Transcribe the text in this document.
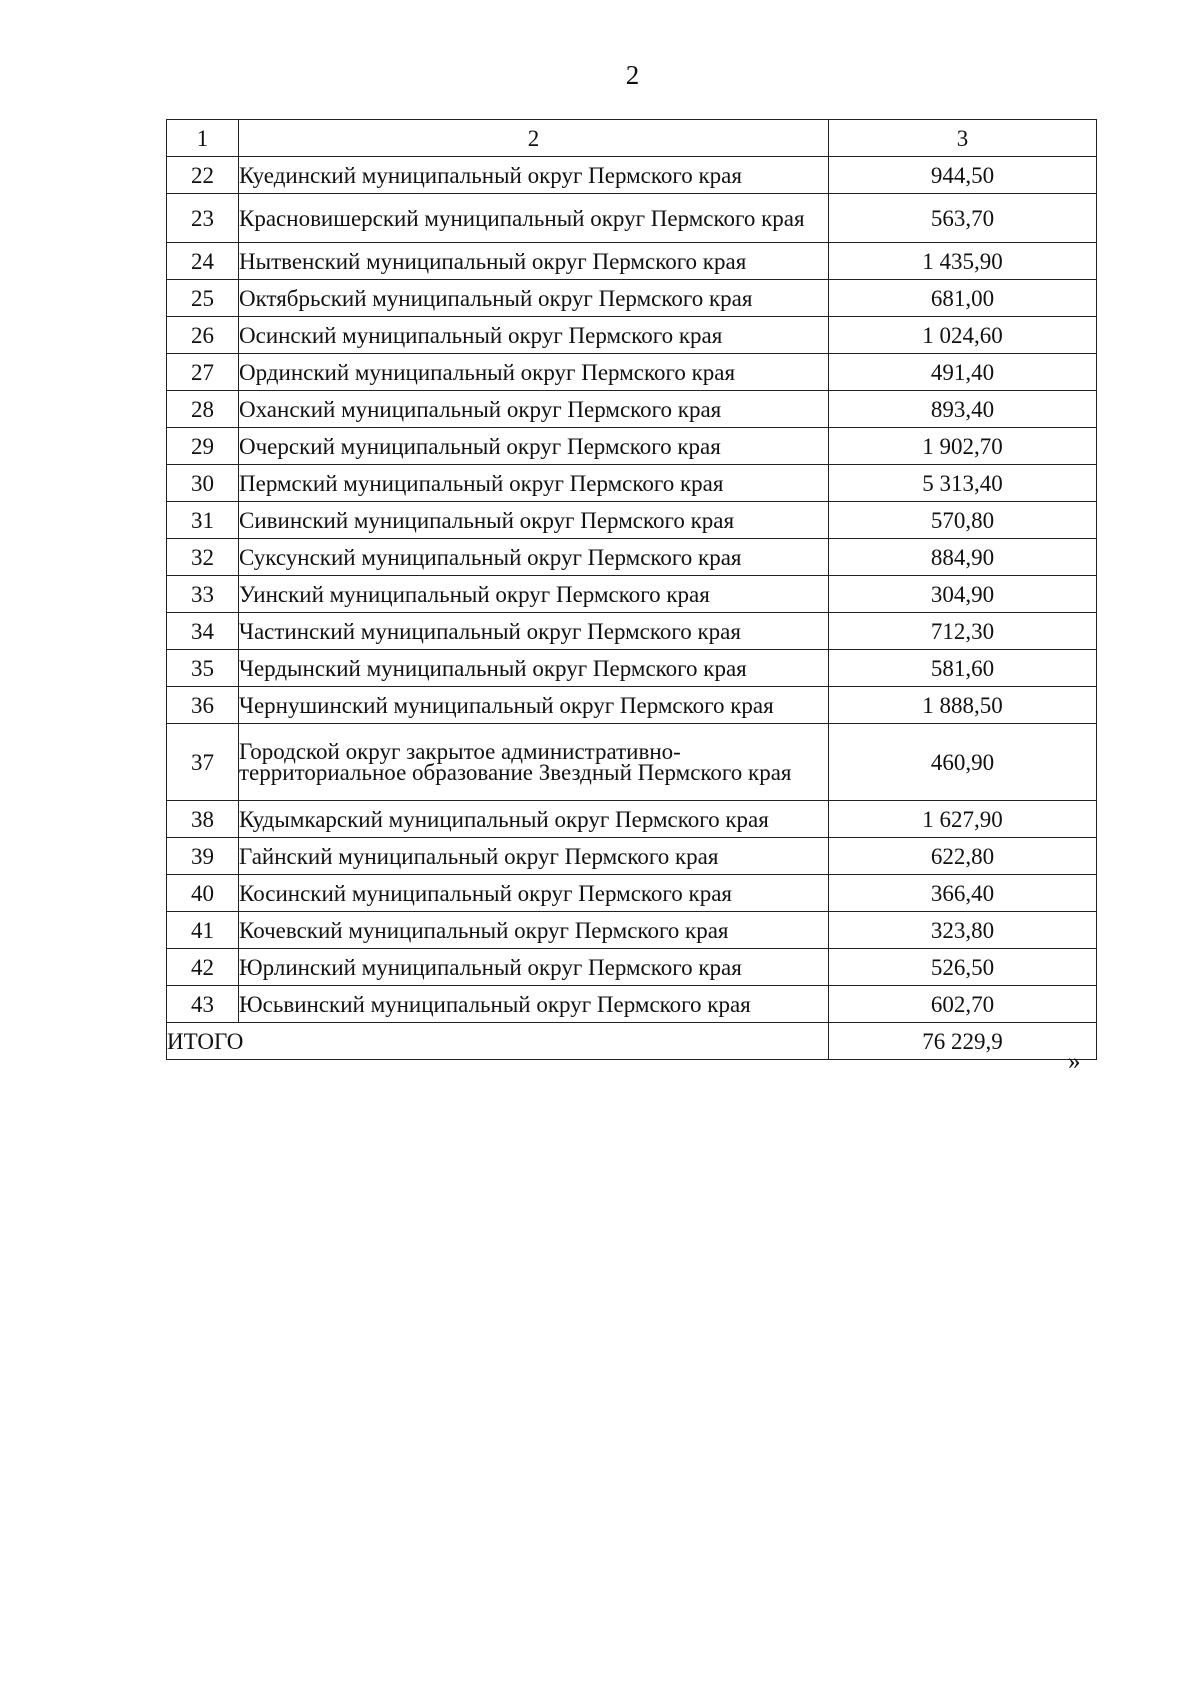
2
1	2	3
22	Куединский муниципальный округ Пермского края	944,50
23	Красновишерский муниципальный округ Пермского края	563,70
24	Нытвенский муниципальный округ Пермского края	1 435,90
25	Октябрьский муниципальный округ Пермского края	681,00
26	Осинский муниципальный округ Пермского края	1 024,60
27	Ординский муниципальный округ Пермского края	491,40
28	Оханский муниципальный округ Пермского края	893,40
29	Очерский муниципальный округ Пермского края	1 902,70
30	Пермский муниципальный округ Пермского края	5 313,40
31	Сивинский муниципальный округ Пермского края	570,80
32	Суксунский муниципальный округ Пермского края	884,90
33	Уинский муниципальный округ Пермского края	304,90
34	Частинский муниципальный округ Пермского края	712,30
35	Чердынский муниципальный округ Пермского края	581,60
36	Чернушинский муниципальный округ Пермского края	1 888,50
37	Городской округ закрытое административно-территориальное образование Звездный Пермского края	460,90
38	Кудымкарский муниципальный округ Пермского края	1 627,90
39	Гайнский муниципальный округ Пермского края	622,80
40	Косинский муниципальный округ Пермского края	366,40
41	Кочевский муниципальный округ Пермского края	323,80
42	Юрлинский муниципальный округ Пермского края	526,50
43	Юсьвинский муниципальный округ Пермского края	602,70
ИТОГО		76 229,9
»
